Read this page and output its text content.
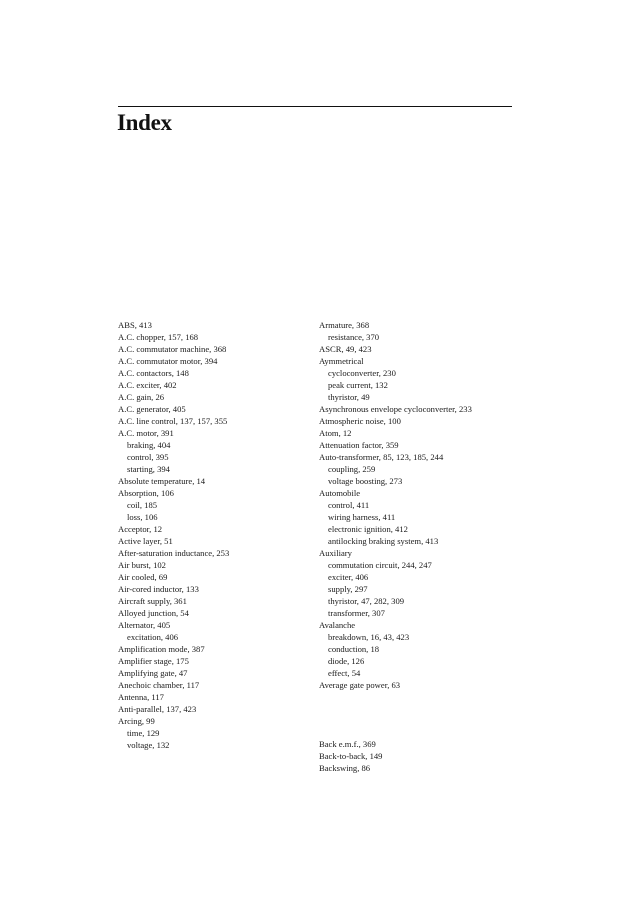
Index
ABS, 413
A.C. chopper, 157, 168
A.C. commutator machine, 368
A.C. commutator motor, 394
A.C. contactors, 148
A.C. exciter, 402
A.C. gain, 26
A.C. generator, 405
A.C. line control, 137, 157, 355
A.C. motor, 391
braking, 404
control, 395
starting, 394
Absolute temperature, 14
Absorption, 106
coil, 185
loss, 106
Acceptor, 12
Active layer, 51
After-saturation inductance, 253
Air burst, 102
Air cooled, 69
Air-cored inductor, 133
Aircraft supply, 361
Alloyed junction, 54
Alternator, 405
excitation, 406
Amplification mode, 387
Amplifier stage, 175
Amplifying gate, 47
Anechoic chamber, 117
Antenna, 117
Anti-parallel, 137, 423
Arcing, 99
time, 129
voltage, 132
Armature, 368
resistance, 370
ASCR, 49, 423
Aymmetrical
cycloconverter, 230
peak current, 132
thyristor, 49
Asynchronous envelope cycloconverter, 233
Atmospheric noise, 100
Atom, 12
Attenuation factor, 359
Auto-transformer, 85, 123, 185, 244
coupling, 259
voltage boosting, 273
Automobile
control, 411
wiring harness, 411
electronic ignition, 412
antilocking braking system, 413
Auxiliary
commutation circuit, 244, 247
exciter, 406
supply, 297
thyristor, 47, 282, 309
transformer, 307
Avalanche
breakdown, 16, 43, 423
conduction, 18
diode, 126
effect, 54
Average gate power, 63
Back e.m.f., 369
Back-to-back, 149
Backswing, 86
